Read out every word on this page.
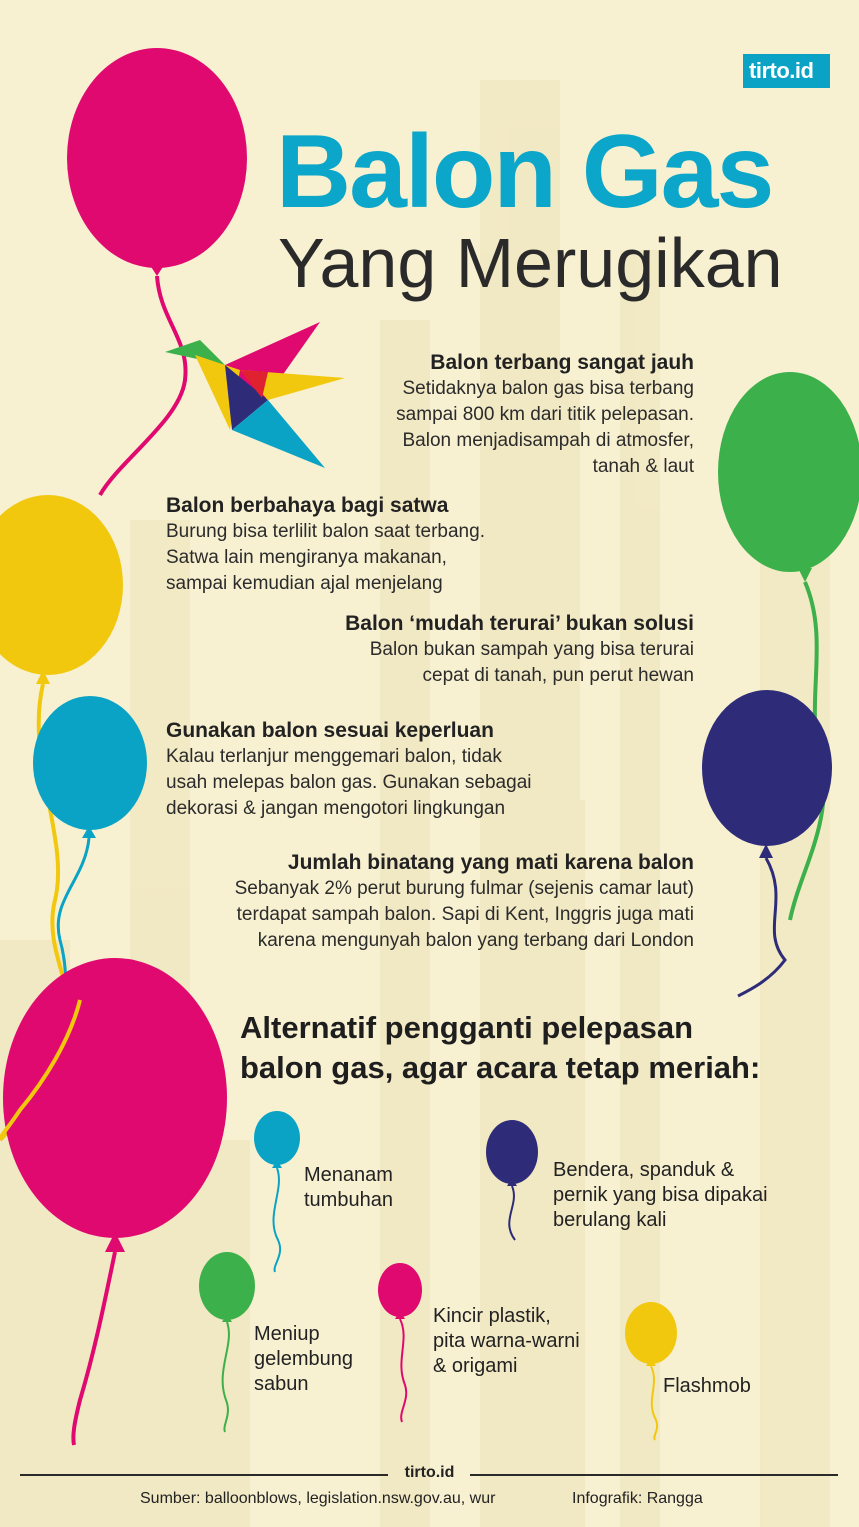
tirto.id
Balon Gas
Yang Merugikan
Balon terbang sangat jauh
Setidaknya balon gas bisa terbang
sampai 800 km dari titik pelepasan.
Balon menjadisampah di atmosfer,
tanah & laut
Balon berbahaya bagi satwa
Burung bisa terlilit balon saat terbang.
Satwa lain mengiranya makanan,
sampai kemudian ajal menjelang
Balon ‘mudah terurai’ bukan solusi
Balon bukan sampah yang bisa terurai
cepat di tanah, pun perut hewan
Gunakan balon sesuai keperluan
Kalau terlanjur menggemari balon, tidak
usah melepas balon gas. Gunakan sebagai
dekorasi & jangan mengotori lingkungan
Jumlah binatang yang mati karena balon
Sebanyak 2% perut burung fulmar (sejenis camar laut)
terdapat sampah balon. Sapi di Kent, Inggris juga mati
karena mengunyah balon yang terbang dari London
Alternatif pengganti pelepasan
balon gas, agar acara tetap meriah:
Menanam
tumbuhan
Bendera, spanduk &
pernik yang bisa dipakai
berulang kali
Meniup
gelembung
sabun
Kincir plastik,
pita warna-warni
& origami
Flashmob
tirto.id
Sumber: balloonblows, legislation.nsw.gov.au, wur	Infografik: Rangga
